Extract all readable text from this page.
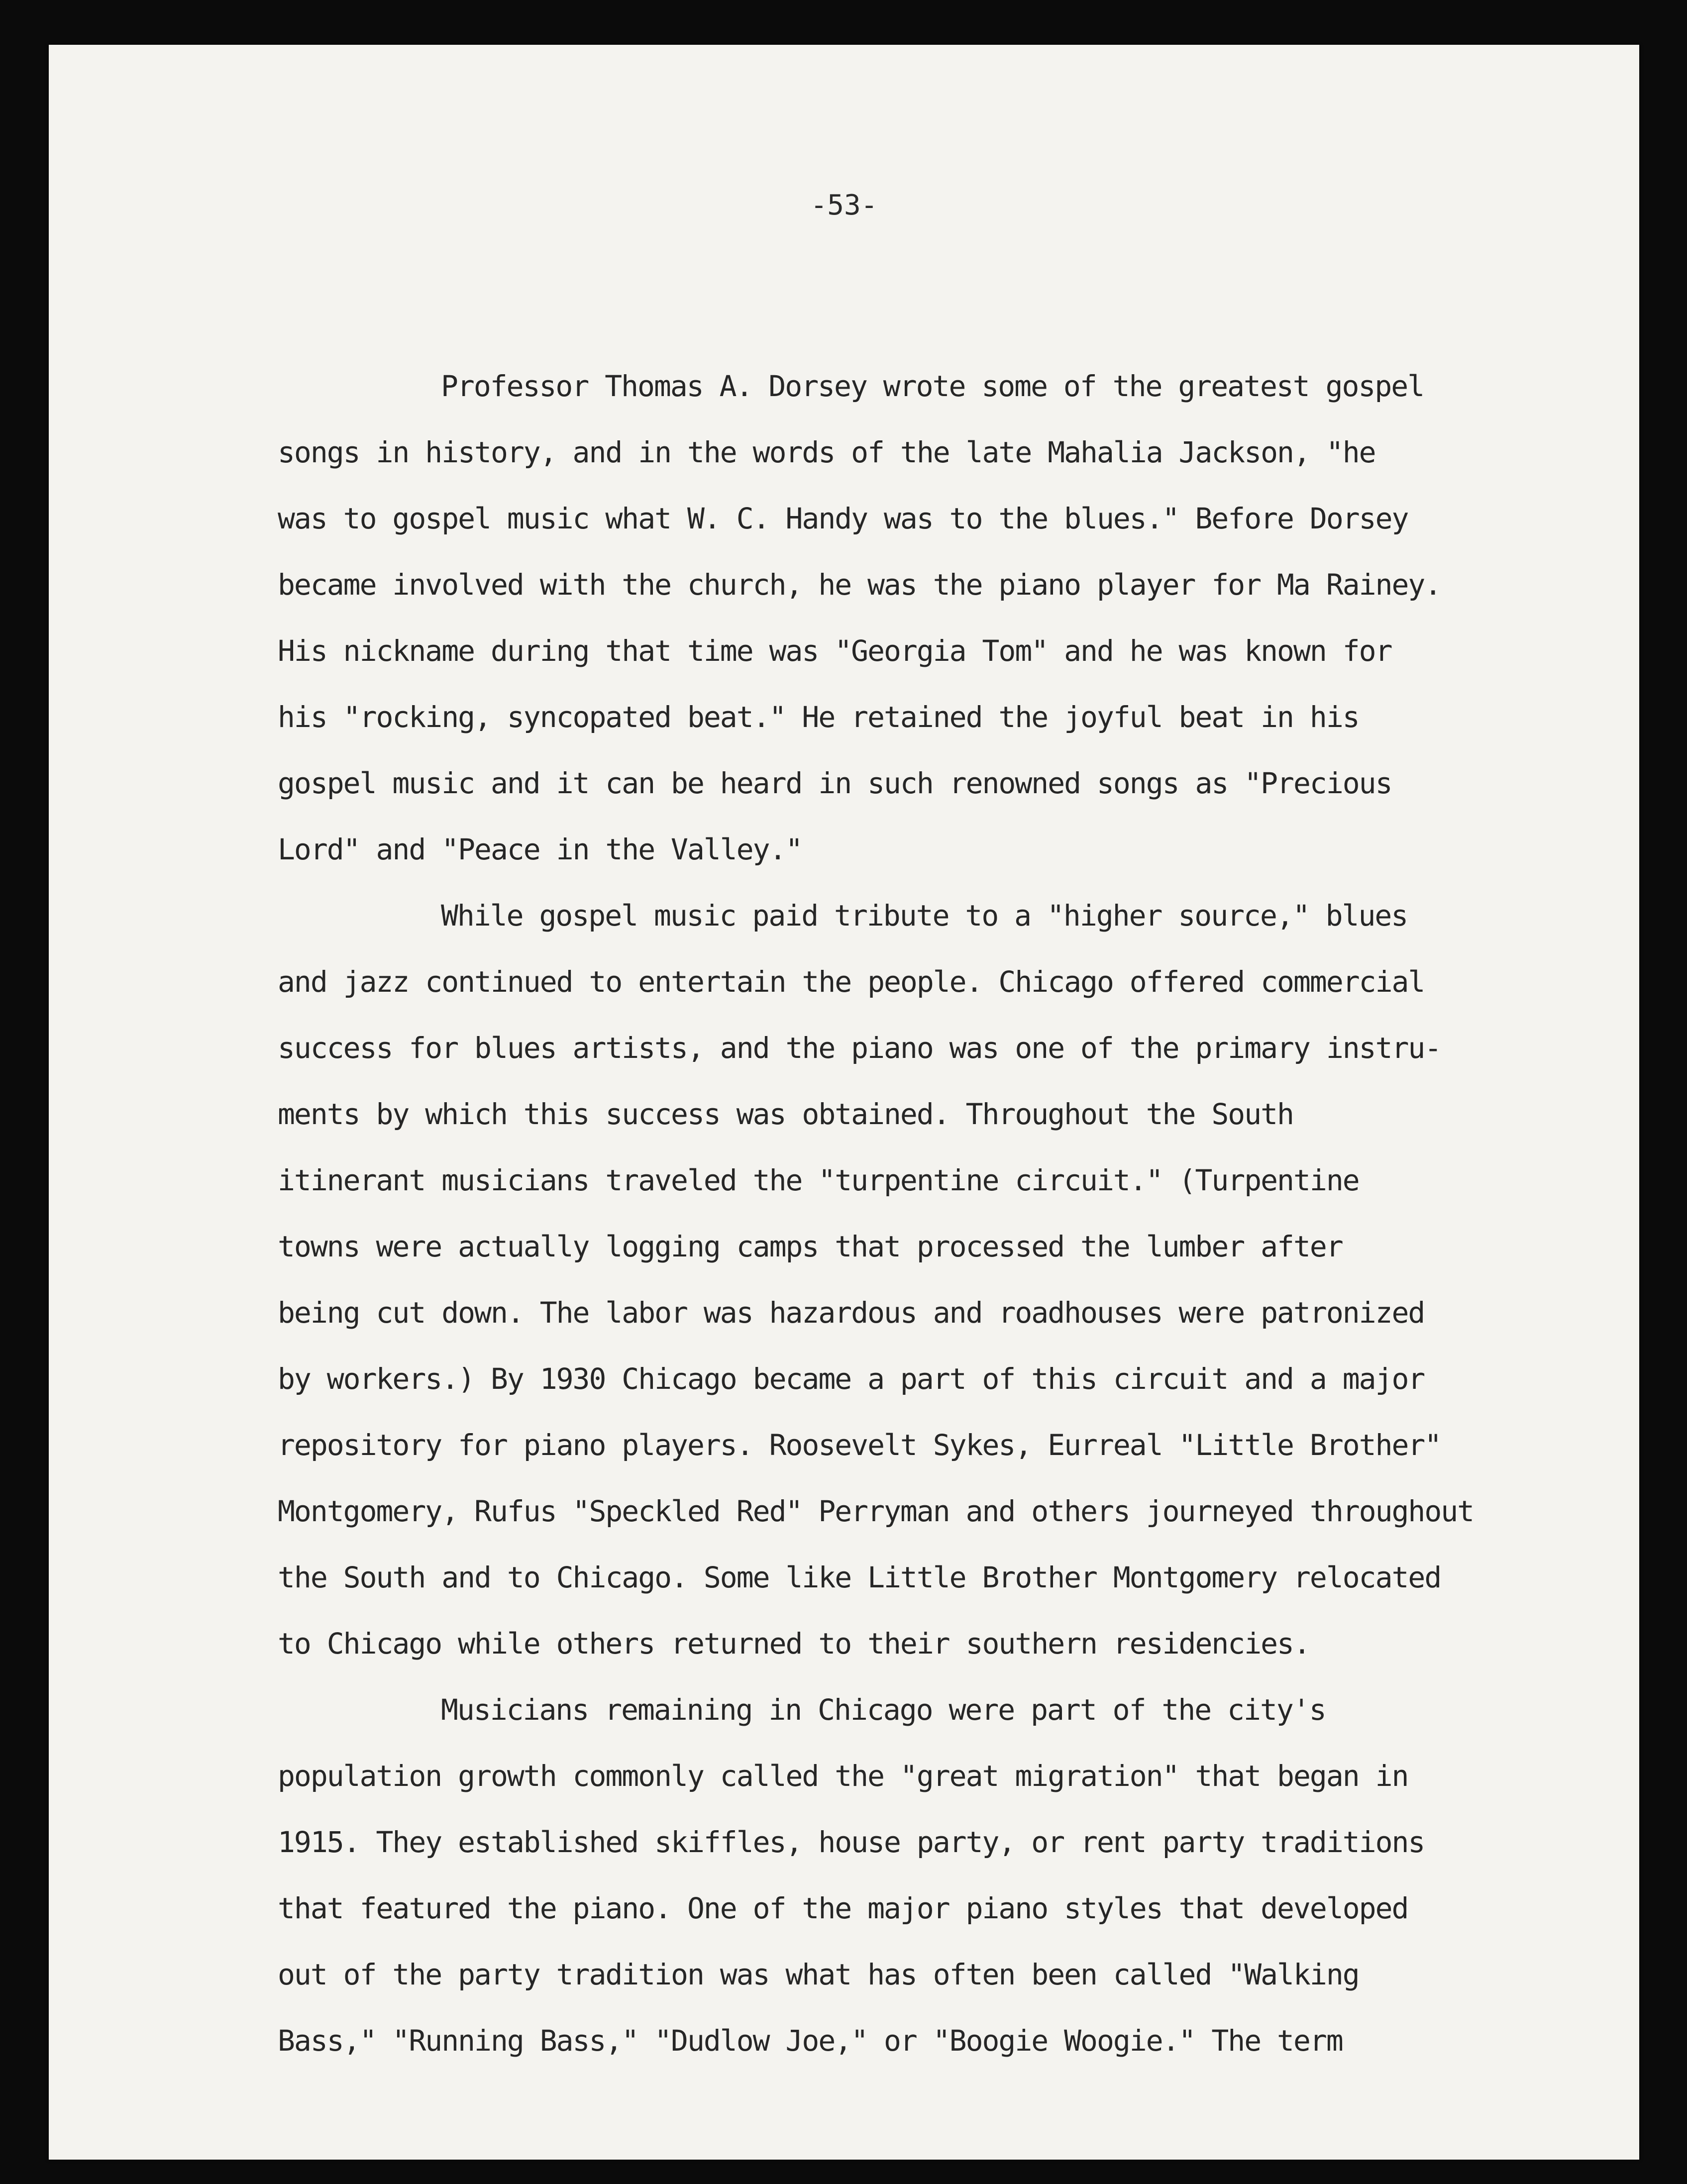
-53-
Professor Thomas A. Dorsey wrote some of the greatest gospel
songs in history, and in the words of the late Mahalia Jackson, "he
was to gospel music what W. C. Handy was to the blues." Before Dorsey
became involved with the church, he was the piano player for Ma Rainey.
His nickname during that time was "Georgia Tom" and he was known for
his "rocking, syncopated beat." He retained the joyful beat in his
gospel music and it can be heard in such renowned songs as "Precious
Lord" and "Peace in the Valley."
While gospel music paid tribute to a "higher source," blues
and jazz continued to entertain the people. Chicago offered commercial
success for blues artists, and the piano was one of the primary instru-
ments by which this success was obtained. Throughout the South
itinerant musicians traveled the "turpentine circuit." (Turpentine
towns were actually logging camps that processed the lumber after
being cut down. The labor was hazardous and roadhouses were patronized
by workers.) By 1930 Chicago became a part of this circuit and a major
repository for piano players. Roosevelt Sykes, Eurreal "Little Brother"
Montgomery, Rufus "Speckled Red" Perryman and others journeyed throughout
the South and to Chicago. Some like Little Brother Montgomery relocated
to Chicago while others returned to their southern residencies.
Musicians remaining in Chicago were part of the city's
population growth commonly called the "great migration" that began in
1915. They established skiffles, house party, or rent party traditions
that featured the piano. One of the major piano styles that developed
out of the party tradition was what has often been called "Walking
Bass," "Running Bass," "Dudlow Joe," or "Boogie Woogie." The term
